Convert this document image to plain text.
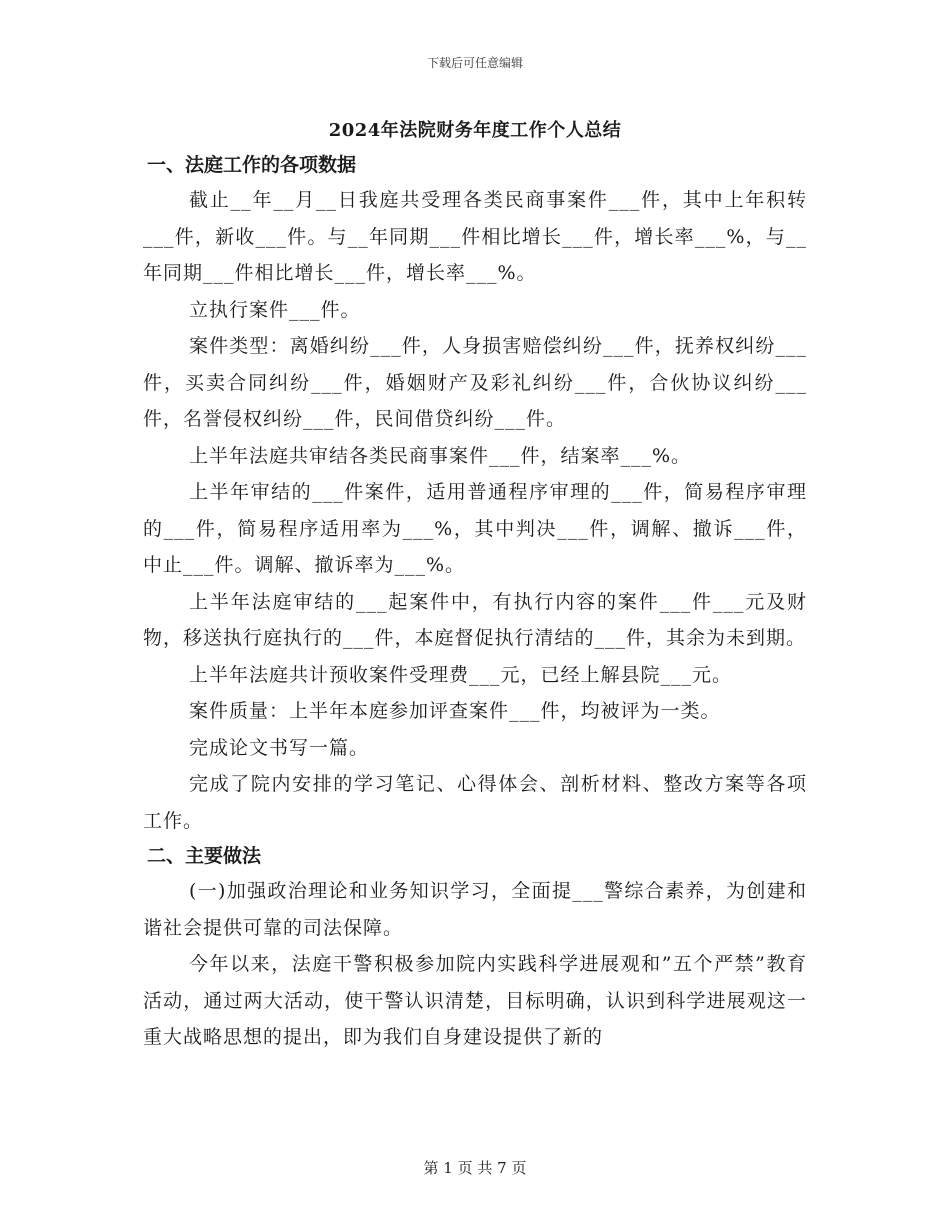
下载后可任意编辑
2024年法院财务年度工作个人总结
一、法庭工作的各项数据

截止__年__月__日我庭共受理各类民商事案件___件，其中上年积转___件，新收___件。与__年同期___件相比增长___件，增长率___%，与__年同期___件相比增长___件，增长率___%。

立执行案件___件。

案件类型：离婚纠纷___件，人身损害赔偿纠纷___件，抚养权纠纷___件，买卖合同纠纷___件，婚姻财产及彩礼纠纷___件，合伙协议纠纷___件，名誉侵权纠纷___件，民间借贷纠纷___件。

上半年法庭共审结各类民商事案件___件，结案率___%。

上半年审结的___件案件，适用普通程序审理的___件，简易程序审理的___件，简易程序适用率为___%，其中判决___件，调解、撤诉___件，中止___件。调解、撤诉率为___%。

上半年法庭审结的___起案件中，有执行内容的案件___件___元及财物，移送执行庭执行的___件，本庭督促执行清结的___件，其余为未到期。

上半年法庭共计预收案件受理费___元，已经上解县院___元。

案件质量：上半年本庭参加评查案件___件，均被评为一类。

完成论文书写一篇。

完成了院内安排的学习笔记、心得体会、剖析材料、整改方案等各项工作。

二、主要做法

(一)加强政治理论和业务知识学习，全面提___警综合素养，为创建和谐社会提供可靠的司法保障。

今年以来，法庭干警积极参加院内实践科学进展观和”五个严禁”教育活动，通过两大活动，使干警认识清楚，目标明确，认识到科学进展观这一重大战略思想的提出，即为我们自身建设提供了新的

第 1 页 共 7 页
